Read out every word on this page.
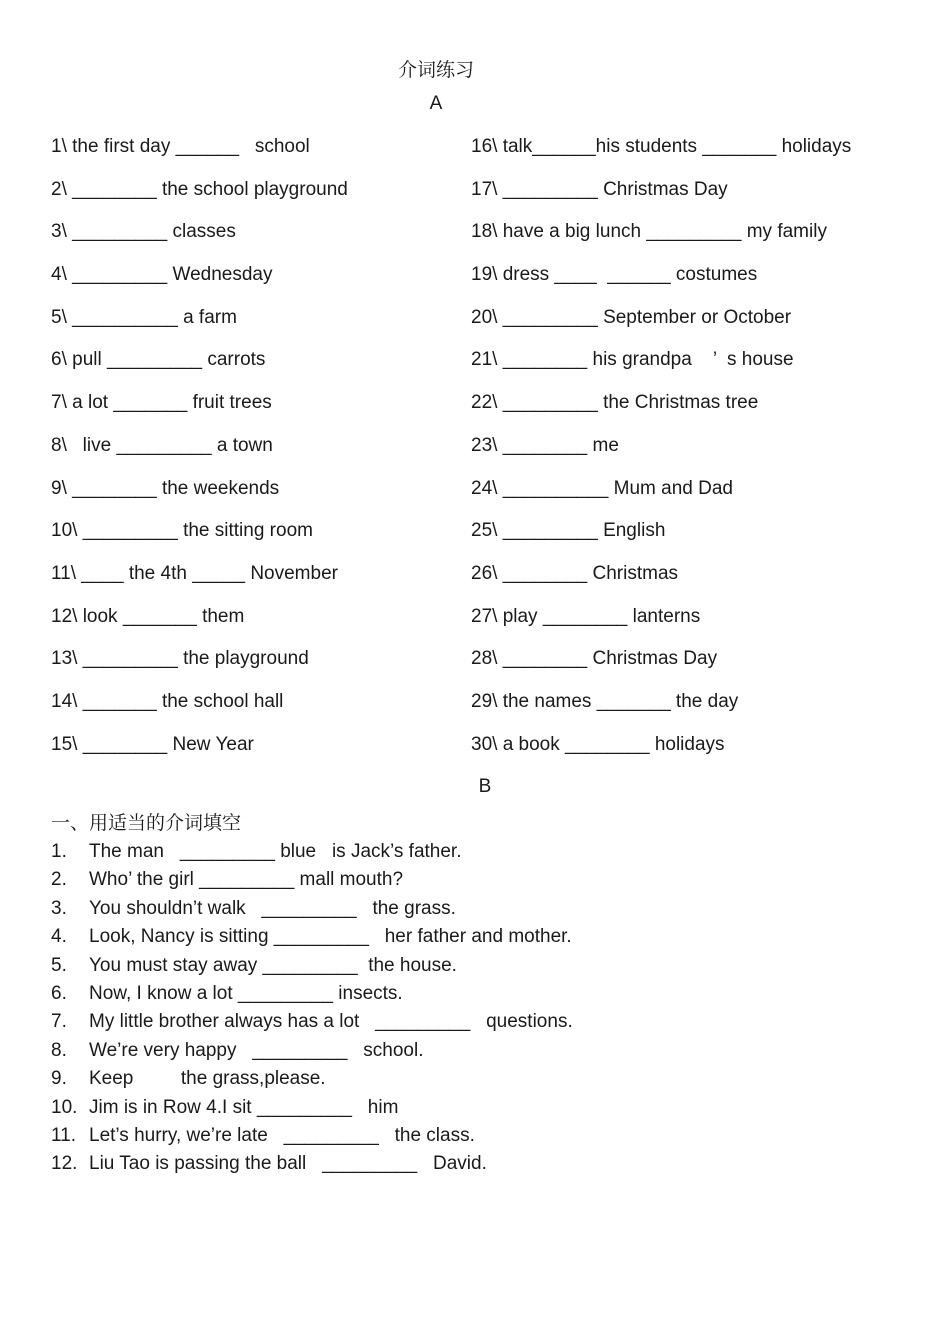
介词练习
A
1\ the first day ______   school
2\ ________ the school playground
3\ _________ classes
4\ _________ Wednesday
5\ __________ a farm
6\ pull _________ carrots
7\ a lot _______ fruit trees
8\   live _________ a town
9\ ________ the weekends
10\ _________ the sitting room
11\ ____ the 4th _____ November
12\ look _______ them
13\ _________ the playground
14\ _______ the school hall
15\ ________ New Year
16\ talk______his students _______ holidays
17\ _________ Christmas Day
18\ have a big lunch _________ my family
19\ dress ____  ______ costumes
20\ _________ September or October
21\ ________ his grandpa    ’  s house
22\ _________ the Christmas tree
23\ ________ me
24\ __________ Mum and Dad
25\ _________ English
26\ ________ Christmas
27\ play ________ lanterns
28\ ________ Christmas Day
29\ the names _______ the day
30\ a book ________ holidays
B
一、用适当的介词填空
1. The man   _________ blue   is Jack’s father.
2. Who’ the girl _________ mall mouth?
3. You shouldn’t walk   _________   the grass.
4. Look, Nancy is sitting _________   her father and mother.
5. You must stay away _________  the house.
6. Now, I know a lot _________ insects.
7. My little brother always has a lot   _________   questions.
8. We’re very happy   _________   school.
9. Keep         the grass,please.
10. Jim is in Row 4.I sit _________   him
11. Let’s hurry, we’re late   _________   the class.
12. Liu Tao is passing the ball   _________   David.
